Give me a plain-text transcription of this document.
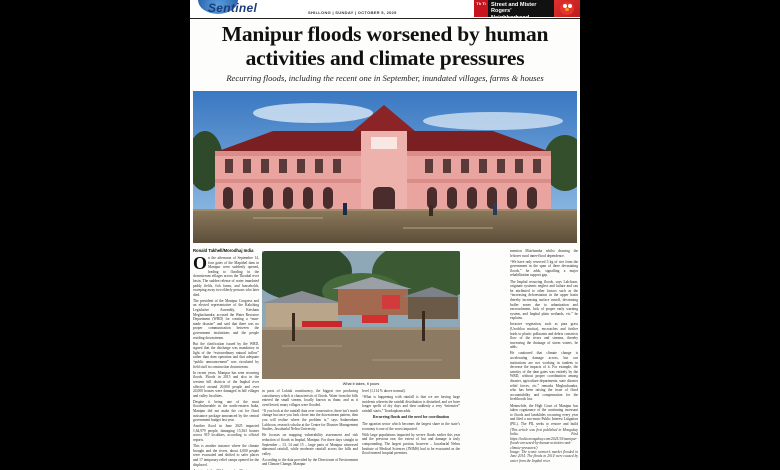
Sentinel	SHILLONG | SUNDAY | OCTOBER 5, 2025
Th Ti Street and Mister
Rogers'
Manipur floods worsened by human activities and climate pressures
Recurring floods, including the recent one in September, inundated villages, farms & houses
Ronald Takhell/Morodhaj India

On the afternoon of September 14, four gates of the Mapithel dam in Manipur were suddenly opened, leading to flooding in the downstream villages across the Thoubal river basin. The sudden release of water inundated paddy fields, fish farms, and households, sweeping away two elderly persons who later died.

The president of the Manipur Congress and an elected representative of the Kakching Legislative Assembly, Keisham Meghachandra, accused the Water Resource Department (WRD) for creating a “man-made disaster” and said that there was no proper communication between the government institutions and the people residing downstream.

But the clarification issued by the WRD, signed that the discharge was mandatory in light of the “extraordinary natural inflow” rather than dam operation and that adequate “public announcement” was circulated by field staff in construction downstream.

In recent years, Manipur has seen recurring floods. Floods in 2015 and also in the western hill districts of the Imphal river affected around 20,000 people and over 24,000 houses were damaged in hill villages and valley localities.

Despite it being one of the most floodvulnerable in the north-eastern India, Manipur did not make the cut for flood assistance package announced by the central government budget last year.

Another flood in June 2025 impacted 1,64,979 people, damaging 15,363 houses across 919 localities, according to official reports.

This is another instance where the climate brought and the rivers, about 4,000 people were evacuated and shifted to safer places and 17 temporary relief camps opened for the displaced.

What it takes, it pours

in parts of Loktak constituency, the biggest rice producing constituency which is characteristic of floods. Water from the hills entered the small stream, locally known as thanr, and as it overflowed, many villages were flooded.

“If you look at the rainfall data over consecutive, there isn’t much change but once you look closer into the downstream pattern, then you will realize where the problem is,” says Sadarenbam Lalchoon, research scholar at the Centre for Disaster Management Studies, Jawaharlal Nehru University.

He focuses on mapping vulnerability assessment and risk reduction of floods in Imphal, Manipur. For three days straight in September – 13, 14 and 15 – large parts of Manipur witnessed abnormal rainfall, while moderate rainfall across the hills and valley.

According to the data provided by the Directorate of Environment and Climate Change, Manipur

level (1,114 % above normal).

“What is happening with rainfall is that we are having large incidents wherein the rainfall distribution is disturbed, and we have longer spells of dry days and then suddenly a very “intensive” rainfall starts,” Tronkopham adds.

Recurring floods and the need for coordination

The agrarian sector which becomes the largest share in the state’s economy is one of the worst impacted.

With large populations impacted by severe floods earlier this year and the previous one, the extent of lost and damage is truly compounding. The largest portion, however – Jawaharlal Nehru Institute of Medical Sciences (JNIMS) had to be evacuated as the flood entered hospital premises.

mention Moirbamba whilst drawing the leftover rural inner-flood dependence.

“We have only reserved 3 kg of rice from the government in the span of three devastating floods,” he adds, signalling a major rehabilitation support gap.

The Imphal recurring floods, says Lalchoon, originate systemic neglect and failure and can be attributed to other factors such as the “increasing deforestation in the upper basin thereby increasing surface runoff, decreasing buffer zones due to urbanization and encroachment, lack of proper early warning system, and Imphal plain wetlands, etc.” he explains.

Invasive vegetation, such as para grass (Urochloa mutica), encroaches and further leads to plastic pollutants and debris constricts flow of the rivers and streams, thereby increasing the drainage of storm waters, he adds.

He cautioned that climate change is accelerating damage across, but our institutions are not working in tandem to decrease the impacts of it. For example, the sanctity of the dam gates was entirely by the WRD, without proper coordination among disaster, agriculture departments, state disaster relief forces, etc.” remarks Meghachandra, who has been raising the issue of flood accountability and compensation for the livelihoods lost.

Meanwhile, the High Court of Manipur has taken cognizance of the continuing incessant to floods and landslides occurring every year and filed a suo-moto Public Interest Litigation (PIL). The PIL seeks to restore and build

(This article was first published in Mongabay India. Find https://india.mongabay.com/2025/10/manipur-floods-worsened-by-human-activities-and-climate-pressures/)
Image: The iconic women’s market flooded in June 2014. The floods in 2014 were caused by water from the Imphal river.
